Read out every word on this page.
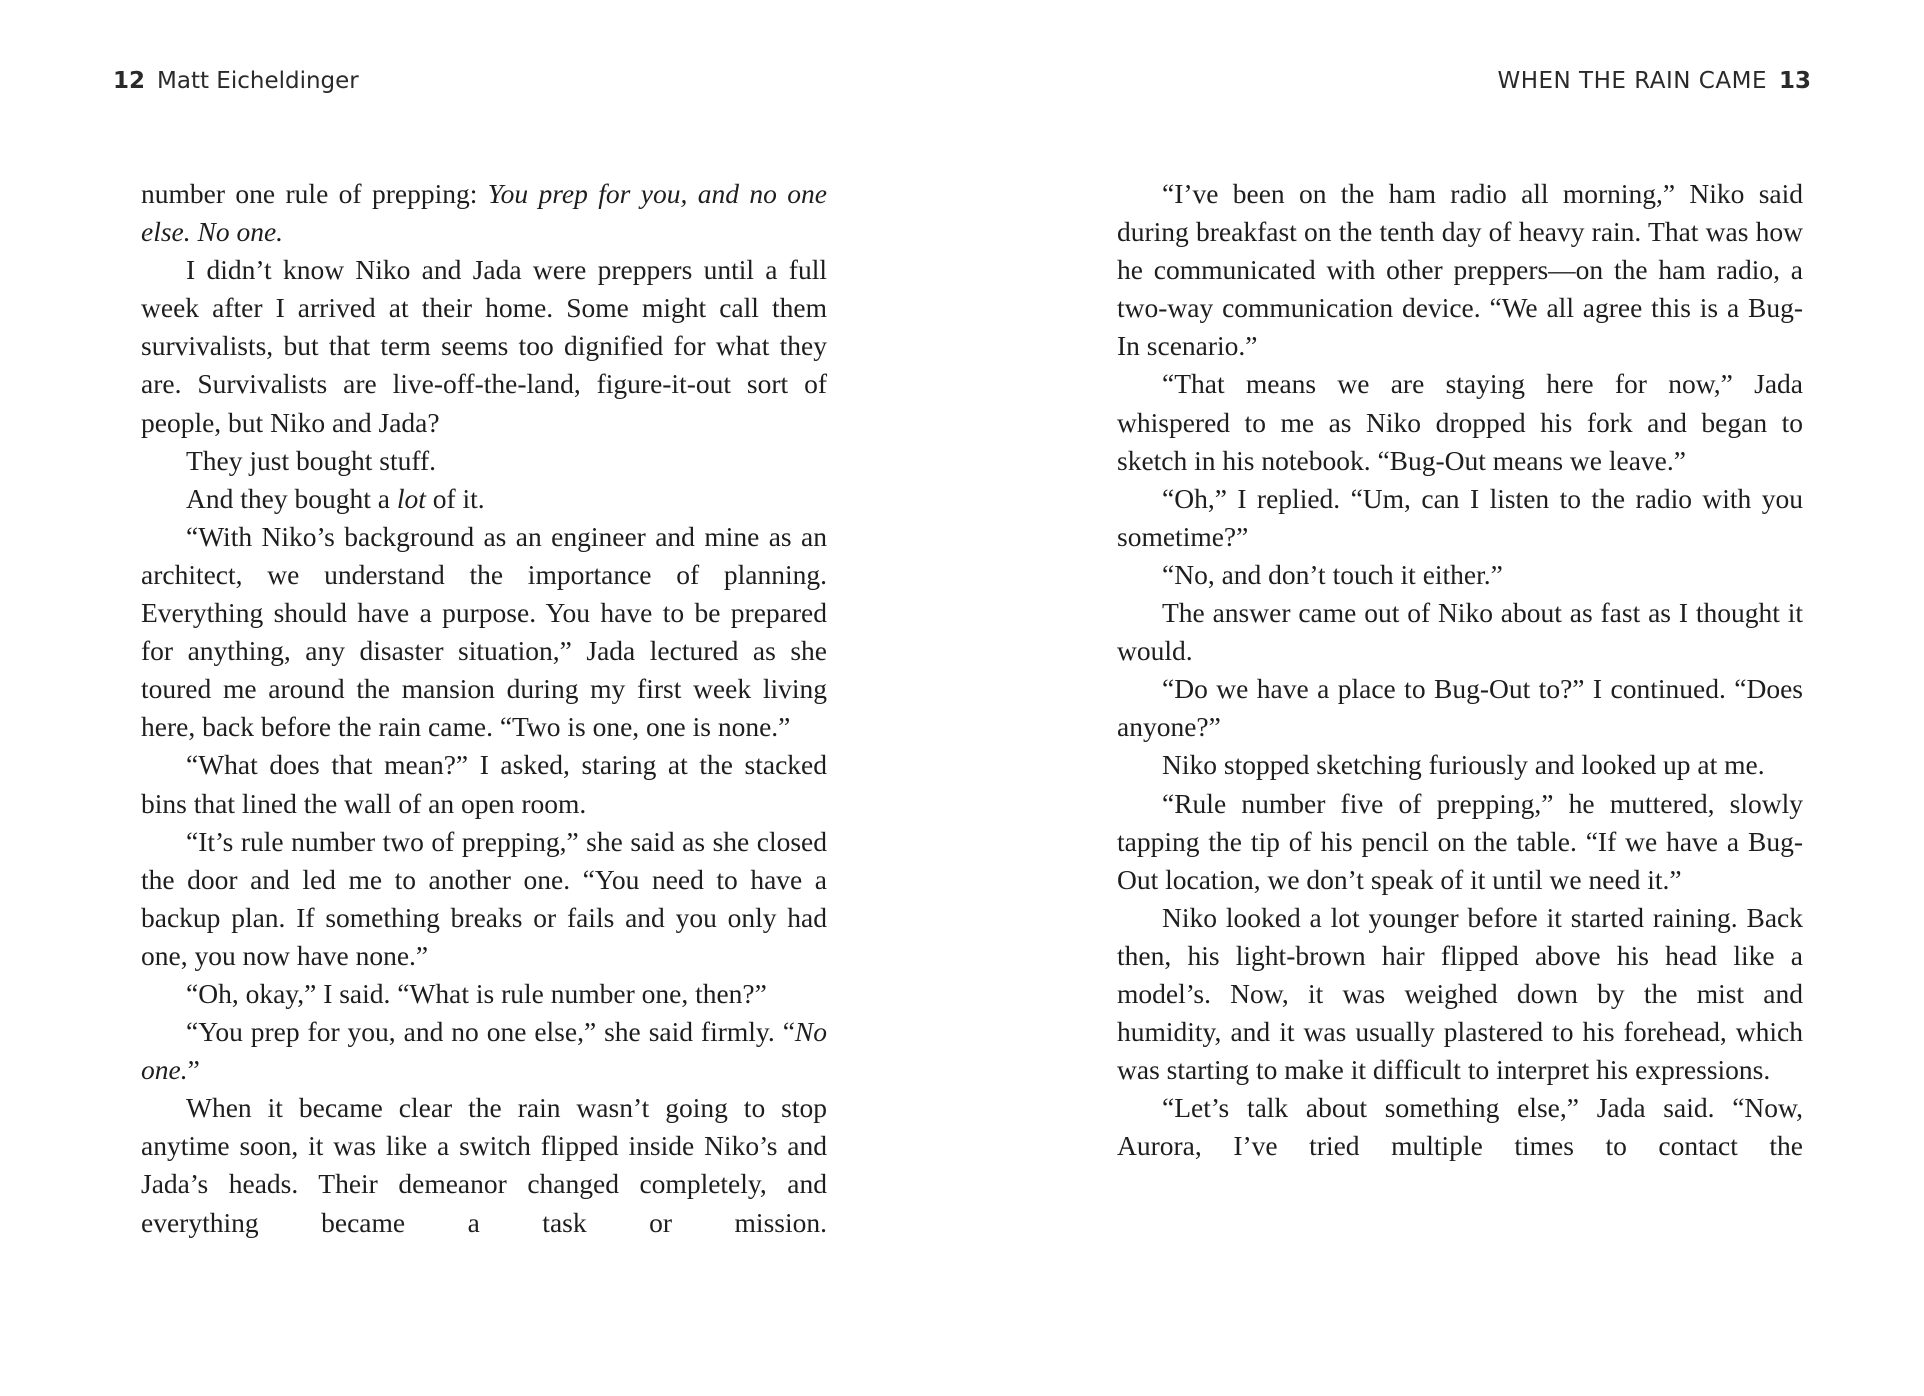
12 Matt Eicheldinger

number one rule of prepping: You prep for you, and no one else. No one.

I didn’t know Niko and Jada were preppers until a full week after I arrived at their home. Some might call them survivalists, but that term seems too dignified for what they are. Survivalists are live-off-the-land, figure-it-out sort of people, but Niko and Jada?

They just bought stuff.

And they bought a lot of it.

“With Niko’s background as an engineer and mine as an architect, we understand the importance of planning. Everything should have a purpose. You have to be prepared for anything, any disaster situation,” Jada lectured as she toured me around the mansion during my first week living here, back before the rain came. “Two is one, one is none.”

“What does that mean?” I asked, staring at the stacked bins that lined the wall of an open room.

“It’s rule number two of prepping,” she said as she closed the door and led me to another one. “You need to have a backup plan. If something breaks or fails and you only had one, you now have none.”

“Oh, okay,” I said. “What is rule number one, then?”

“You prep for you, and no one else,” she said firmly. “No one.”

When it became clear the rain wasn’t going to stop anytime soon, it was like a switch flipped inside Niko’s and Jada’s heads. Their demeanor changed completely, and everything became a task or mission.

WHEN THE RAIN CAME 13

“I’ve been on the ham radio all morning,” Niko said during breakfast on the tenth day of heavy rain. That was how he communicated with other preppers—on the ham radio, a two-way communication device. “We all agree this is a Bug-In scenario.”

“That means we are staying here for now,” Jada whispered to me as Niko dropped his fork and began to sketch in his notebook. “Bug-Out means we leave.”

“Oh,” I replied. “Um, can I listen to the radio with you sometime?”

“No, and don’t touch it either.”

The answer came out of Niko about as fast as I thought it would.

“Do we have a place to Bug-Out to?” I continued. “Does anyone?”

Niko stopped sketching furiously and looked up at me.

“Rule number five of prepping,” he muttered, slowly tapping the tip of his pencil on the table. “If we have a Bug-Out location, we don’t speak of it until we need it.”

Niko looked a lot younger before it started raining. Back then, his light-brown hair flipped above his head like a model’s. Now, it was weighed down by the mist and humidity, and it was usually plastered to his forehead, which was starting to make it difficult to interpret his expressions.

“Let’s talk about something else,” Jada said. “Now, Aurora, I’ve tried multiple times to contact the
